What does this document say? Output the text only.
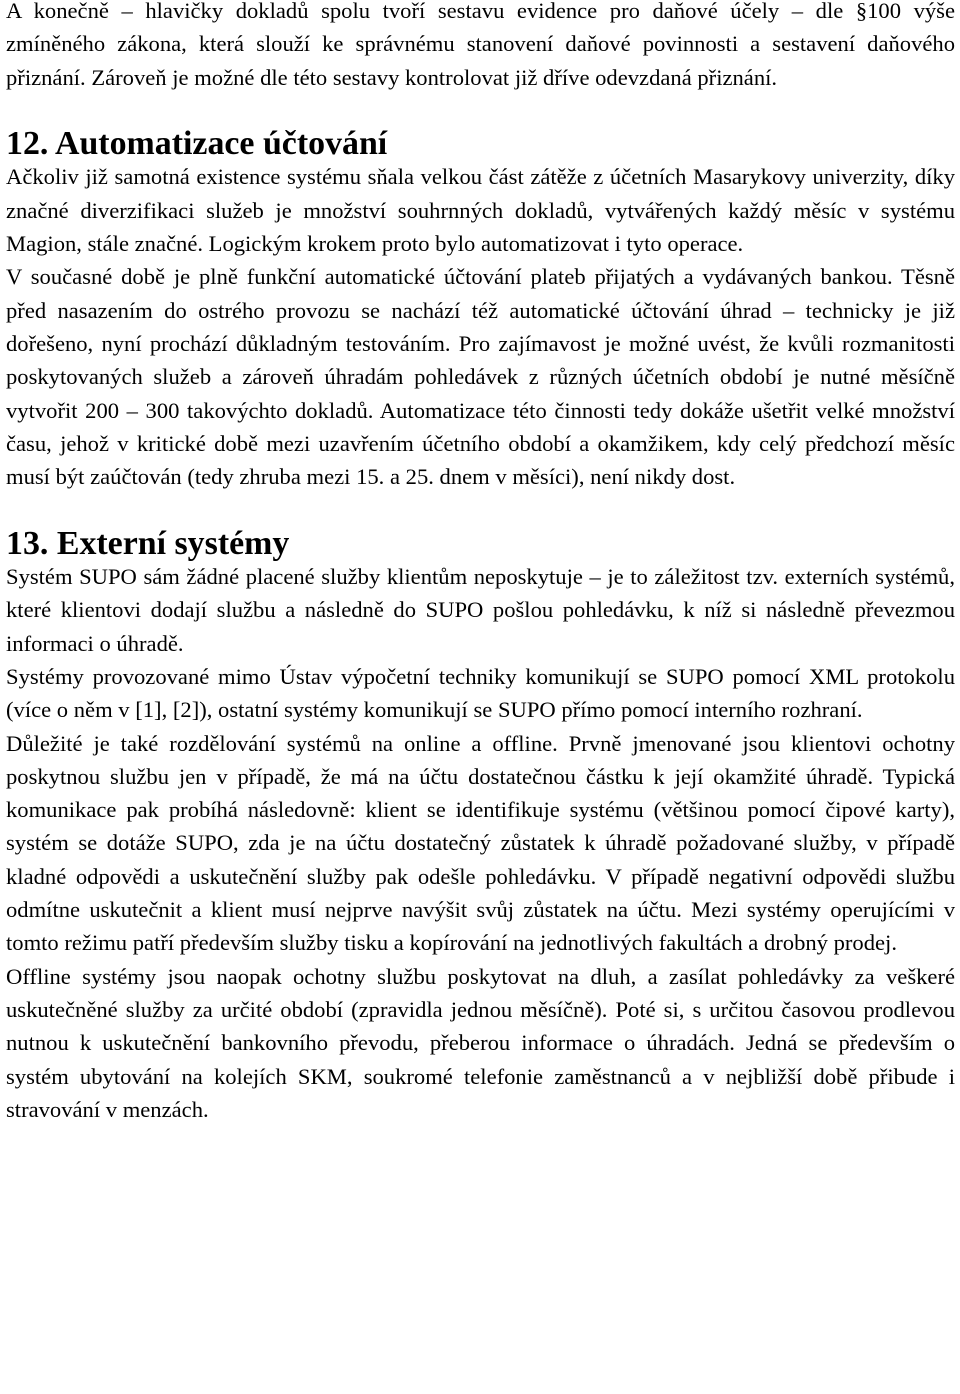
A konečně – hlavičky dokladů spolu tvoří sestavu evidence pro daňové účely – dle §100 výše zmíněného zákona, která slouží ke správnému stanovení daňové povinnosti a sestavení daňového přiznání. Zároveň je možné dle této sestavy kontrolovat již dříve odevzdaná přiznání.

12. Automatizace účtování

Ačkoliv již samotná existence systému sňala velkou část zátěže z účetních Masarykovy univerzity, díky značné diverzifikaci služeb je množství souhrnných dokladů, vytvářených každý měsíc v systému Magion, stále značné. Logickým krokem proto bylo automatizovat i tyto operace.

V současné době je plně funkční automatické účtování plateb přijatých a vydávaných bankou. Těsně před nasazením do ostrého provozu se nachází též automatické účtování úhrad – technicky je již dořešeno, nyní prochází důkladným testováním. Pro zajímavost je možné uvést, že kvůli rozmanitosti poskytovaných služeb a zároveň úhradám pohledávek z různých účetních období je nutné měsíčně vytvořit 200 – 300 takovýchto dokladů. Automatizace této činnosti tedy dokáže ušetřit velké množství času, jehož v kritické době mezi uzavřením účetního období a okamžikem, kdy celý předchozí měsíc musí být zaúčtován (tedy zhruba mezi 15. a 25. dnem v měsíci), není nikdy dost.

13. Externí systémy

Systém SUPO sám žádné placené služby klientům neposkytuje – je to záležitost tzv. externích systémů, které klientovi dodají službu a následně do SUPO pošlou pohledávku, k níž si následně převezmou informaci o úhradě.

Systémy provozované mimo Ústav výpočetní techniky komunikují se SUPO pomocí XML protokolu (více o něm v [1], [2]), ostatní systémy komunikují se SUPO přímo pomocí interního rozhraní.

Důležité je také rozdělování systémů na online a offline. Prvně jmenované jsou klientovi ochotny poskytnou službu jen v případě, že má na účtu dostatečnou částku k její okamžité úhradě. Typická komunikace pak probíhá následovně: klient se identifikuje systému (většinou pomocí čipové karty), systém se dotáže SUPO, zda je na účtu dostatečný zůstatek k úhradě požadované služby, v případě kladné odpovědi a uskutečnění služby pak odešle pohledávku. V případě negativní odpovědi službu odmítne uskutečnit a klient musí nejprve navýšit svůj zůstatek na účtu. Mezi systémy operujícími v tomto režimu patří především služby tisku a kopírování na jednotlivých fakultách a drobný prodej.

Offline systémy jsou naopak ochotny službu poskytovat na dluh, a zasílat pohledávky za veškeré uskutečněné služby za určité období (zpravidla jednou měsíčně). Poté si, s určitou časovou prodlevou nutnou k uskutečnění bankovního převodu, přeberou informace o úhradách. Jedná se především o systém ubytování na kolejích SKM, soukromé telefonie zaměstnanců a v nejbližší době přibude i stravování v menzách.
